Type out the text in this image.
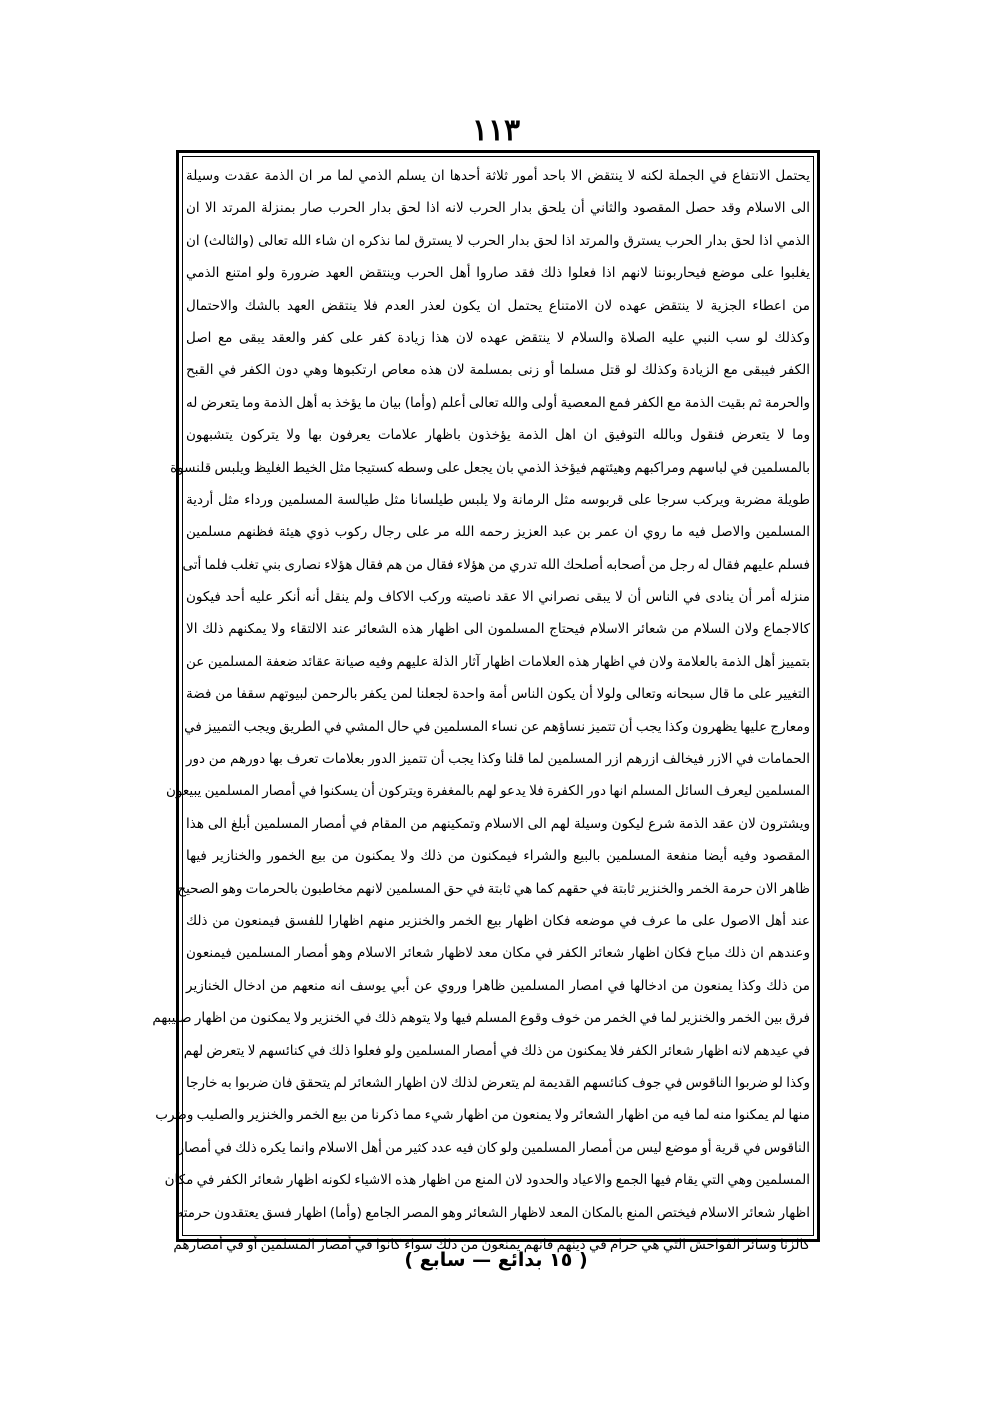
١١٣
يحتمل الانتفاع في الجملة لكنه لا ينتقض الا باحد أمور ثلاثة أحدها ان يسلم الذمي لما مر ان الذمة عقدت وسيلة
الى الاسلام وقد حصل المقصود والثاني أن يلحق بدار الحرب لانه اذا لحق بدار الحرب صار بمنزلة المرتد الا ان
الذمي اذا لحق بدار الحرب يسترق والمرتد اذا لحق بدار الحرب لا يسترق لما نذكره ان شاء الله تعالى (والثالث) ان
يغلبوا على موضع فيحاربوننا لانهم اذا فعلوا ذلك فقد صاروا أهل الحرب وينتقض العهد ضرورة ولو امتنع الذمي
من اعطاء الجزية لا ينتقض عهده لان الامتناع يحتمل ان يكون لعذر العدم فلا ينتقض العهد بالشك والاحتمال
وكذلك لو سب النبي عليه الصلاة والسلام لا ينتقض عهده لان هذا زيادة كفر على كفر والعقد يبقى مع اصل
الكفر فيبقى مع الزيادة وكذلك لو قتل مسلما أو زنى بمسلمة لان هذه معاص ارتكبوها وهي دون الكفر في القبح
والحرمة ثم بقيت الذمة مع الكفر فمع المعصية أولى والله تعالى أعلم (وأما) بيان ما يؤخذ به أهل الذمة وما يتعرض له
وما لا يتعرض فنقول وبالله التوفيق ان اهل الذمة يؤخذون باظهار علامات يعرفون بها ولا يتركون يتشبهون
بالمسلمين في لباسهم ومراكبهم وهيئتهم فيؤخذ الذمي بان يجعل على وسطه كستيجا مثل الخيط الغليظ ويلبس قلنسوة
طويلة مضربة ويركب سرجا على قربوسه مثل الرمانة ولا يلبس طيلسانا مثل طيالسة المسلمين ورداء مثل أردية
المسلمين والاصل فيه ما روي ان عمر بن عبد العزيز رحمه الله مر على رجال ركوب ذوي هيئة فظنهم مسلمين
فسلم عليهم فقال له رجل من أصحابه أصلحك الله تدري من هؤلاء فقال من هم فقال هؤلاء نصارى بني تغلب فلما أتى
منزله أمر أن ينادى في الناس أن لا يبقى نصراني الا عقد ناصيته وركب الاكاف ولم ينقل أنه أنكر عليه أحد فيكون
كالاجماع ولان السلام من شعائر الاسلام فيحتاج المسلمون الى اظهار هذه الشعائر عند الالتقاء ولا يمكنهم ذلك الا
بتمييز أهل الذمة بالعلامة ولان في اظهار هذه العلامات اظهار آثار الذلة عليهم وفيه صيانة عقائد ضعفة المسلمين عن
التغيير على ما قال سبحانه وتعالى ولولا أن يكون الناس أمة واحدة لجعلنا لمن يكفر بالرحمن لبيوتهم سقفا من فضة
ومعارج عليها يظهرون وكذا يجب أن تتميز نساؤهم عن نساء المسلمين في حال المشي في الطريق ويجب التمييز في
الحمامات في الازر فيخالف ازرهم ازر المسلمين لما قلنا وكذا يجب أن تتميز الدور بعلامات تعرف بها دورهم من دور
المسلمين ليعرف السائل المسلم انها دور الكفرة فلا يدعو لهم بالمغفرة ويتركون أن يسكنوا في أمصار المسلمين يبيعون
ويشترون لان عقد الذمة شرع ليكون وسيلة لهم الى الاسلام وتمكينهم من المقام في أمصار المسلمين أبلغ الى هذا
المقصود وفيه أيضا منفعة المسلمين بالبيع والشراء فيمكنون من ذلك ولا يمكنون من بيع الخمور والخنازير فيها
ظاهر الان حرمة الخمر والخنزير ثابتة في حقهم كما هي ثابتة في حق المسلمين لانهم مخاطبون بالحرمات وهو الصحيح
عند أهل الاصول على ما عرف في موضعه فكان اظهار بيع الخمر والخنزير منهم اظهارا للفسق فيمنعون من ذلك
وعندهم ان ذلك مباح فكان اظهار شعائر الكفر في مكان معد لاظهار شعائر الاسلام وهو أمصار المسلمين فيمنعون
من ذلك وكذا يمنعون من ادخالها في امصار المسلمين ظاهرا وروي عن أبي يوسف انه منعهم من ادخال الخنازير
فرق بين الخمر والخنزير لما في الخمر من خوف وقوع المسلم فيها ولا يتوهم ذلك في الخنزير ولا يمكنون من اظهار صليبهم
في عيدهم لانه اظهار شعائر الكفر فلا يمكنون من ذلك في أمصار المسلمين ولو فعلوا ذلك في كنائسهم لا يتعرض لهم
وكذا لو ضربوا الناقوس في جوف كنائسهم القديمة لم يتعرض لذلك لان اظهار الشعائر لم يتحقق فان ضربوا به خارجا
منها لم يمكنوا منه لما فيه من اظهار الشعائر ولا يمنعون من اظهار شيء مما ذكرنا من بيع الخمر والخنزير والصليب وضرب
الناقوس في قرية أو موضع ليس من أمصار المسلمين ولو كان فيه عدد كثير من أهل الاسلام وانما يكره ذلك في أمصار
المسلمين وهي التي يقام فيها الجمع والاعياد والحدود لان المنع من اظهار هذه الاشياء لكونه اظهار شعائر الكفر في مكان
اظهار شعائر الاسلام فيختص المنع بالمكان المعد لاظهار الشعائر وهو المصر الجامع (وأما) اظهار فسق يعتقدون حرمته
كالزنا وسائر الفواحش التي هي حرام في دينهم فانهم يمنعون من ذلك سواء كانوا في أمصار المسلمين أو في أمصارهم
( ١٥ بدائع — سابع )
